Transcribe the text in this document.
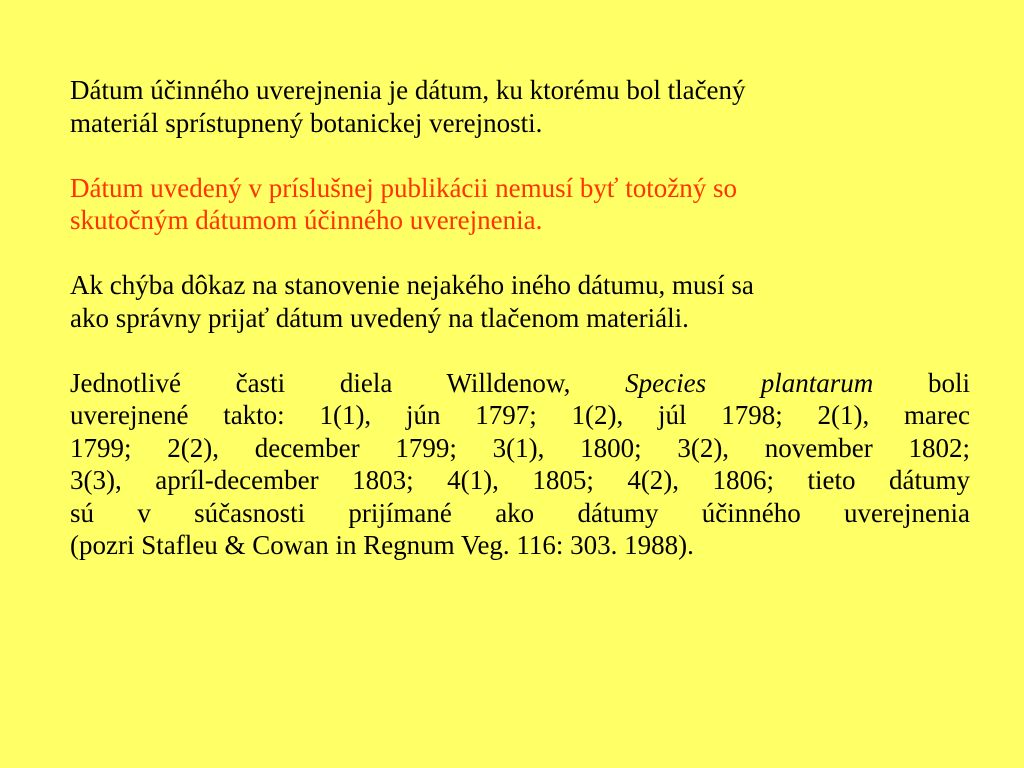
Dátum účinného uverejnenia je dátum, ku ktorému bol tlačený
materiál sprístupnený botanickej verejnosti.

Dátum uvedený v príslušnej publikácii nemusí byť totožný so
skutočným dátumom účinného uverejnenia.

Ak chýba dôkaz na stanovenie nejakého iného dátumu, musí sa
ako správny prijať dátum uvedený na tlačenom materiáli.

Jednotlivé časti diela Willdenow, Species plantarum boli
uverejnené takto: 1(1), jún 1797; 1(2), júl 1798; 2(1), marec
1799; 2(2), december 1799; 3(1), 1800; 3(2), november 1802;
3(3), apríl-december 1803; 4(1), 1805; 4(2), 1806; tieto dátumy
sú v súčasnosti prijímané ako dátumy účinného uverejnenia
(pozri Stafleu & Cowan in Regnum Veg. 116: 303. 1988).
